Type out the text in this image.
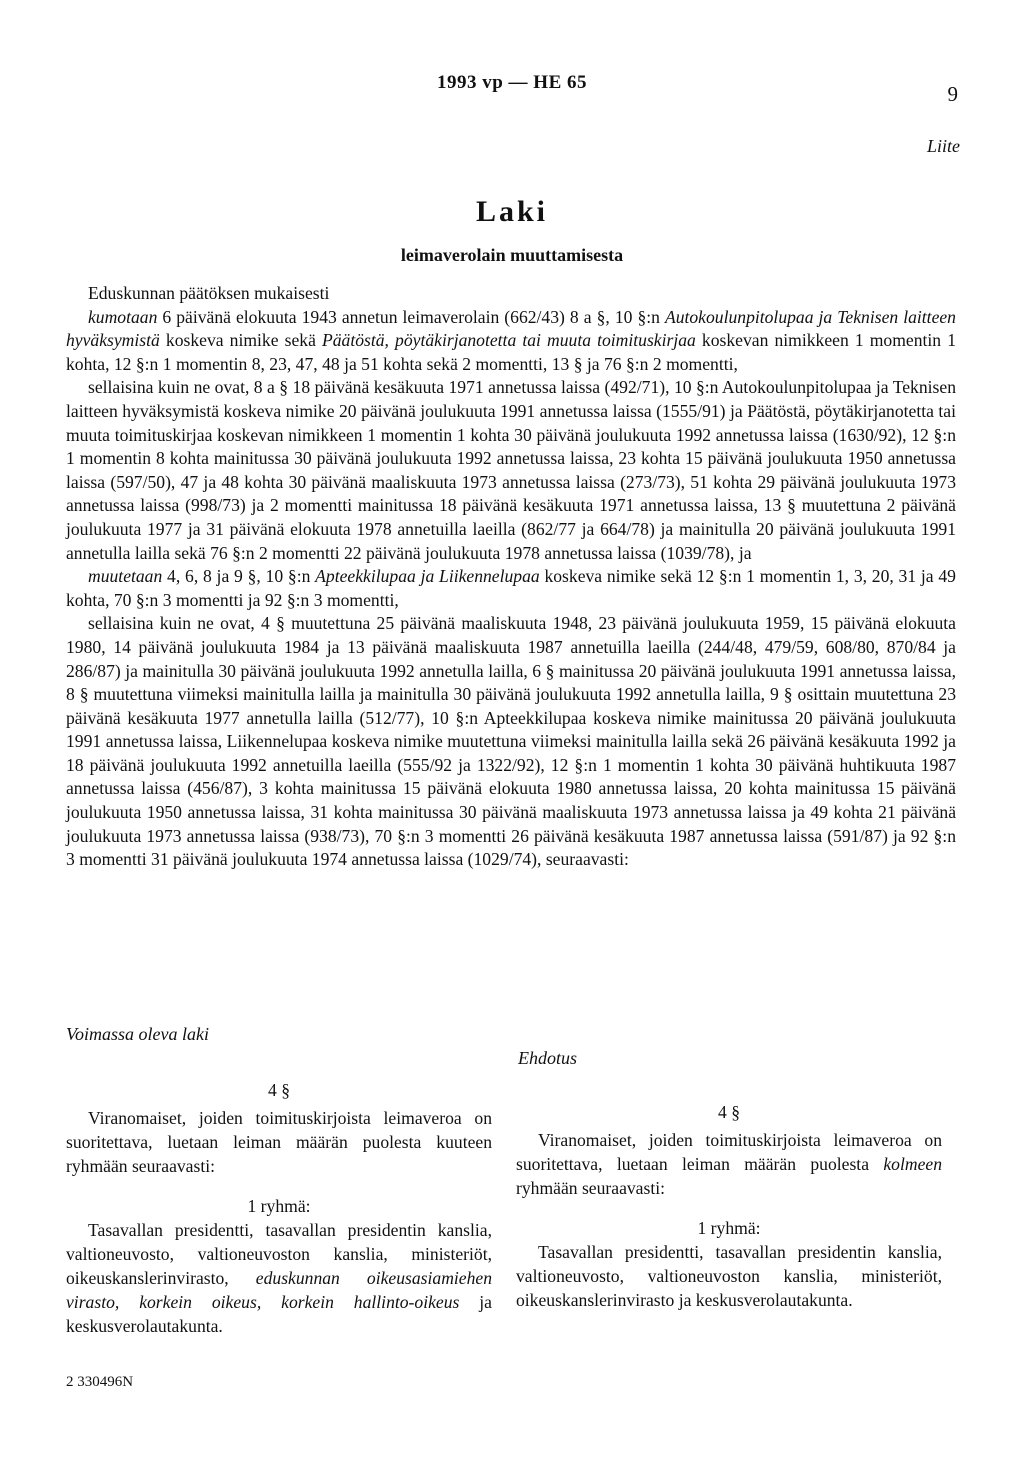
1993 vp — HE 65	9
Liite
Laki
leimaverolain muuttamisesta

Eduskunnan päätöksen mukaisesti

kumotaan 6 päivänä elokuuta 1943 annetun leimaverolain (662/43) 8 a §, 10 §:n Autokoulunpitolupaa ja Teknisen laitteen hyväksymistä koskeva nimike sekä Päätöstä, pöytäkirjanotetta tai muuta toimituskirjaa koskevan nimikkeen 1 momentin 1 kohta, 12 §:n 1 momentin 8, 23, 47, 48 ja 51 kohta sekä 2 momentti, 13 § ja 76 §:n 2 momentti,

sellaisina kuin ne ovat, 8 a § 18 päivänä kesäkuuta 1971 annetussa laissa (492/71), 10 §:n Autokoulunpitolupaa ja Teknisen laitteen hyväksymistä koskeva nimike 20 päivänä joulukuuta 1991 annetussa laissa (1555/91) ja Päätöstä, pöytäkirjanotetta tai muuta toimituskirjaa koskevan nimikkeen 1 momentin 1 kohta 30 päivänä joulukuuta 1992 annetussa laissa (1630/92), 12 §:n 1 momentin 8 kohta mainitussa 30 päivänä joulukuuta 1992 annetussa laissa, 23 kohta 15 päivänä joulukuuta 1950 annetussa laissa (597/50), 47 ja 48 kohta 30 päivänä maaliskuuta 1973 annetussa laissa (273/73), 51 kohta 29 päivänä joulukuuta 1973 annetussa laissa (998/73) ja 2 momentti mainitussa 18 päivänä kesäkuuta 1971 annetussa laissa, 13 § muutettuna 2 päivänä joulukuuta 1977 ja 31 päivänä elokuuta 1978 annetuilla laeilla (862/77 ja 664/78) ja mainitulla 20 päivänä joulukuuta 1991 annetulla lailla sekä 76 §:n 2 momentti 22 päivänä joulukuuta 1978 annetussa laissa (1039/78), ja

muutetaan 4, 6, 8 ja 9 §, 10 §:n Apteekkilupaa ja Liikennelupaa koskeva nimike sekä 12 §:n 1 momentin 1, 3, 20, 31 ja 49 kohta, 70 §:n 3 momentti ja 92 §:n 3 momentti,

sellaisina kuin ne ovat, 4 § muutettuna 25 päivänä maaliskuuta 1948, 23 päivänä joulukuuta 1959, 15 päivänä elokuuta 1980, 14 päivänä joulukuuta 1984 ja 13 päivänä maaliskuuta 1987 annetuilla laeilla (244/48, 479/59, 608/80, 870/84 ja 286/87) ja mainitulla 30 päivänä joulukuuta 1992 annetulla lailla, 6 § mainitussa 20 päivänä joulukuuta 1991 annetussa laissa, 8 § muutettuna viimeksi mainitulla lailla ja mainitulla 30 päivänä joulukuuta 1992 annetulla lailla, 9 § osittain muutettuna 23 päivänä kesäkuuta 1977 annetulla lailla (512/77), 10 §:n Apteekkilupaa koskeva nimike mainitussa 20 päivänä joulukuuta 1991 annetussa laissa, Liikennelupaa koskeva nimike muutettuna viimeksi mainitulla lailla sekä 26 päivänä kesäkuuta 1992 ja 18 päivänä joulukuuta 1992 annetuilla laeilla (555/92 ja 1322/92), 12 §:n 1 momentin 1 kohta 30 päivänä huhtikuuta 1987 annetussa laissa (456/87), 3 kohta mainitussa 15 päivänä elokuuta 1980 annetussa laissa, 20 kohta mainitussa 15 päivänä joulukuuta 1950 annetussa laissa, 31 kohta mainitussa 30 päivänä maaliskuuta 1973 annetussa laissa ja 49 kohta 21 päivänä joulukuuta 1973 annetussa laissa (938/73), 70 §:n 3 momentti 26 päivänä kesäkuuta 1987 annetussa laissa (591/87) ja 92 §:n 3 momentti 31 päivänä joulukuuta 1974 annetussa laissa (1029/74), seuraavasti:

Voimassa oleva laki
Ehdotus

4 §

Viranomaiset, joiden toimituskirjoista leimaveroa on suoritettava, luetaan leiman määrän puolesta kuuteen ryhmään seuraavasti:

1 ryhmä:

Tasavallan presidentti, tasavallan presidentin kanslia, valtioneuvosto, valtioneuvoston kanslia, ministeriöt, oikeuskanslerinvirasto, eduskunnan oikeusasiamiehen virasto, korkein oikeus, korkein hallinto-oikeus ja keskusverolautakunta.

4 §

Viranomaiset, joiden toimituskirjoista leimaveroa on suoritettava, luetaan leiman määrän puolesta kolmeen ryhmään seuraavasti:

1 ryhmä:

Tasavallan presidentti, tasavallan presidentin kanslia, valtioneuvosto, valtioneuvoston kanslia, ministeriöt, oikeuskanslerinvirasto ja keskusverolautakunta.

2 330496N
